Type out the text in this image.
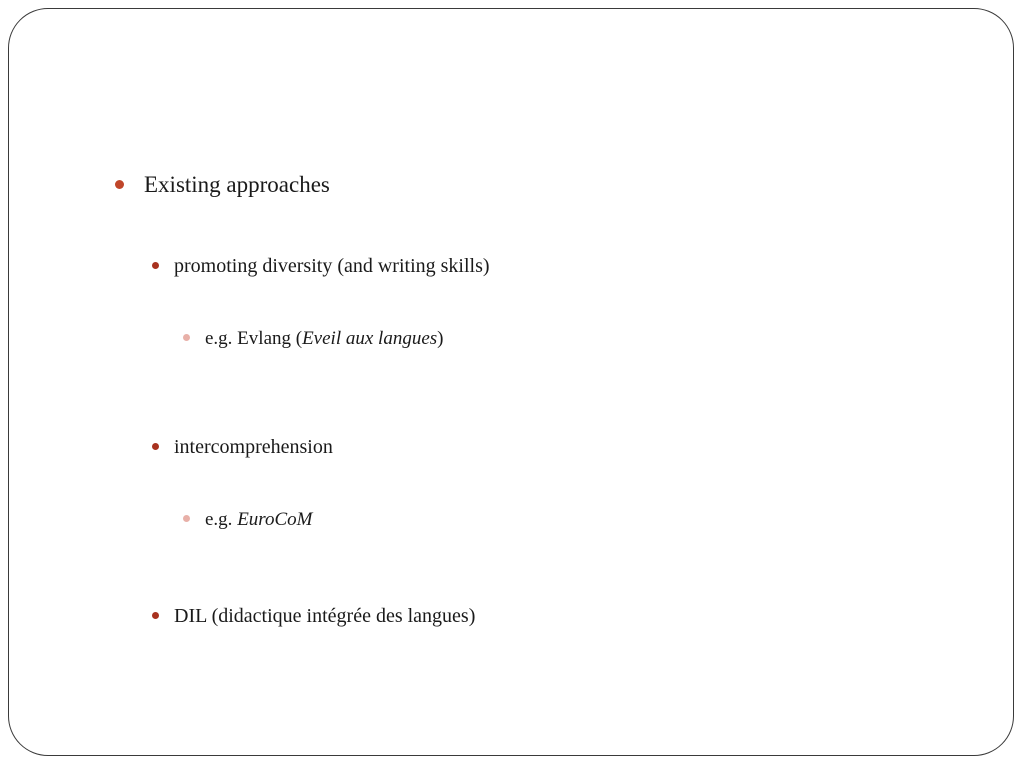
Existing approaches
promoting diversity (and writing skills)
e.g. Evlang (Eveil aux langues)
intercomprehension
e.g. EuroCoM
DIL (didactique intégrée des langues)
